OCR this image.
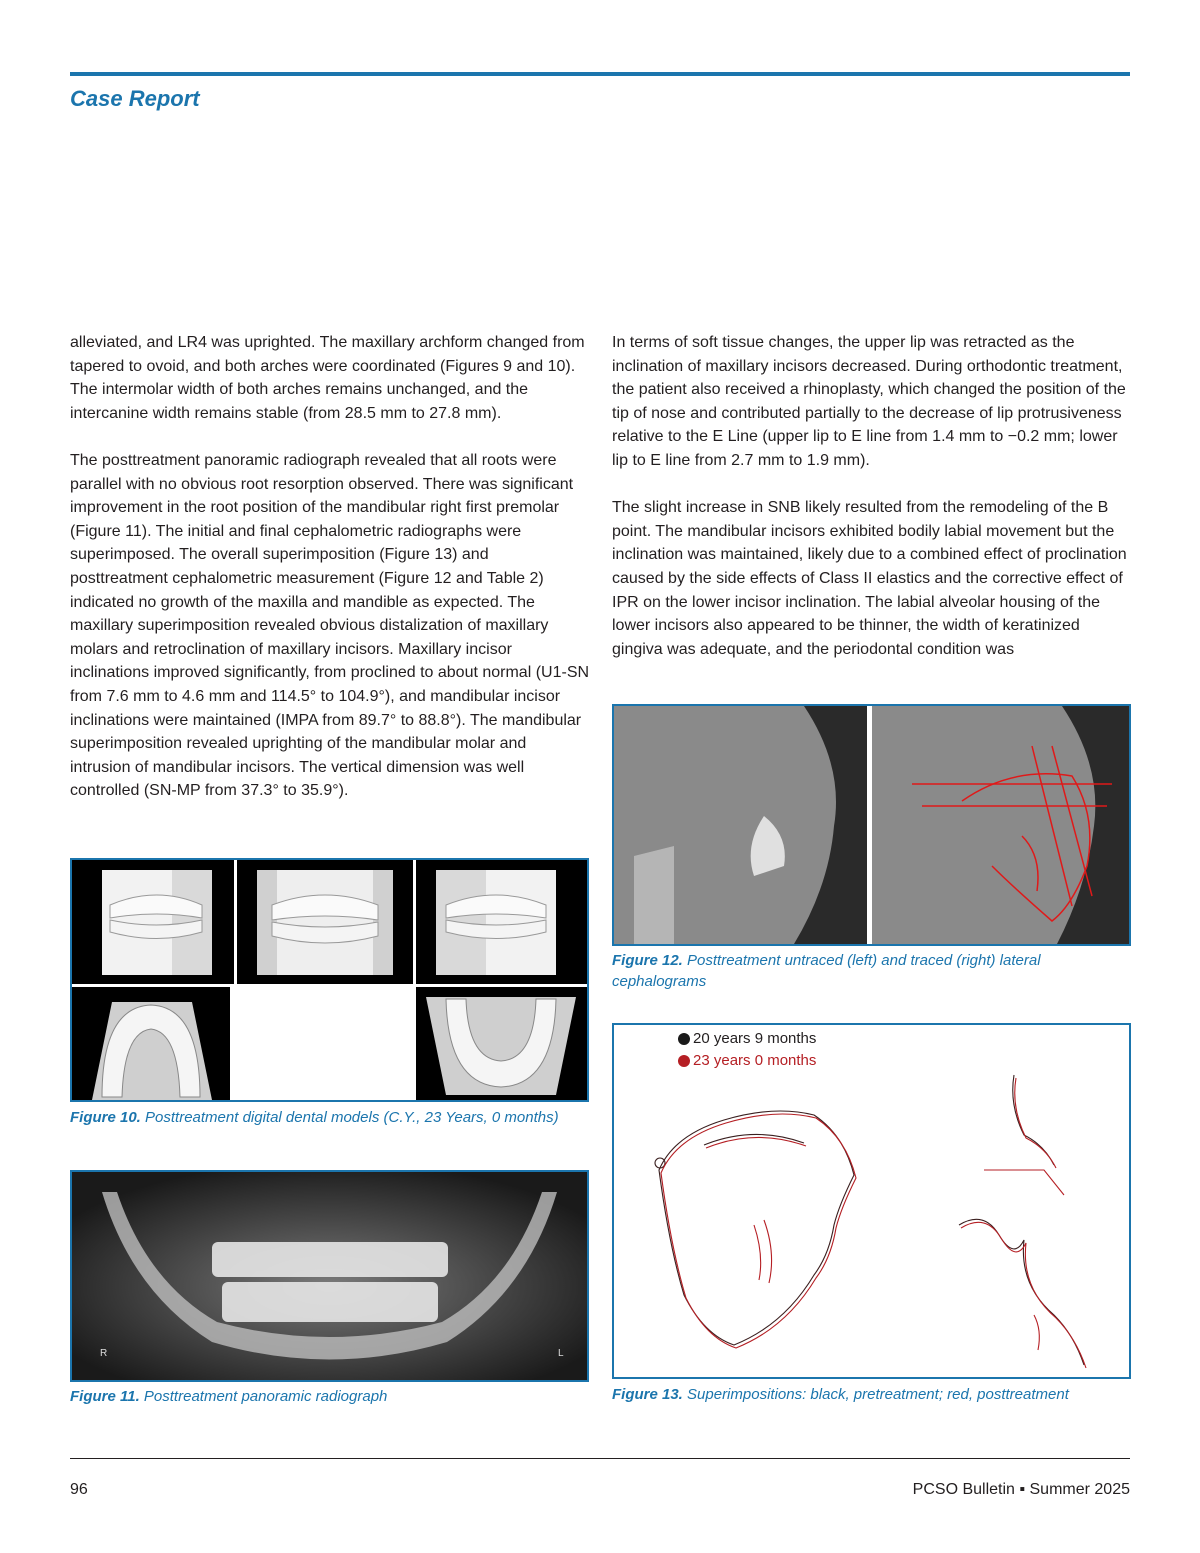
Case Report

alleviated, and LR4 was uprighted. The maxillary archform changed from tapered to ovoid, and both arches were coordinated (Figures 9 and 10). The intermolar width of both arches remains unchanged, and the intercanine width remains stable (from 28.5 mm to 27.8 mm).

The posttreatment panoramic radiograph revealed that all roots were parallel with no obvious root resorption observed. There was significant improvement in the root position of the mandibular right first premolar (Figure 11). The initial and final cephalometric radiographs were superimposed. The overall superimposition (Figure 13) and posttreatment cephalometric measurement (Figure 12 and Table 2) indicated no growth of the maxilla and mandible as expected. The maxillary superimposition revealed obvious distalization of maxillary molars and retroclination of maxillary incisors. Maxillary incisor inclinations improved significantly, from proclined to about normal (U1-SN from 7.6 mm to 4.6 mm and 114.5° to 104.9°), and mandibular incisor inclinations were maintained (IMPA from 89.7° to 88.8°). The mandibular superimposition revealed uprighting of the mandibular molar and intrusion of mandibular incisors. The vertical dimension was well controlled (SN-MP from 37.3° to 35.9°).

In terms of soft tissue changes, the upper lip was retracted as the inclination of maxillary incisors decreased. During orthodontic treatment, the patient also received a rhinoplasty, which changed the position of the tip of nose and contributed partially to the decrease of lip protrusiveness relative to the E Line (upper lip to E line from 1.4 mm to −0.2 mm; lower lip to E line from 2.7 mm to 1.9 mm).

The slight increase in SNB likely resulted from the remodeling of the B point. The mandibular incisors exhibited bodily labial movement but the inclination was maintained, likely due to a combined effect of proclination caused by the side effects of Class II elastics and the corrective effect of IPR on the lower incisor inclination. The labial alveolar housing of the lower incisors also appeared to be thinner, the width of keratinized gingiva was adequate, and the periodontal condition was

Figure 10. Posttreatment digital dental models (C.Y., 23 Years, 0 months)
R	L
Figure 11. Posttreatment panoramic radiograph
Figure 12. Posttreatment untraced (left) and traced (right) lateral cephalograms
20 years 9 months
23 years 0 months
Figure 13. Superimpositions: black, pretreatment; red, posttreatment
96	PCSO Bulletin ▪ Summer 2025
